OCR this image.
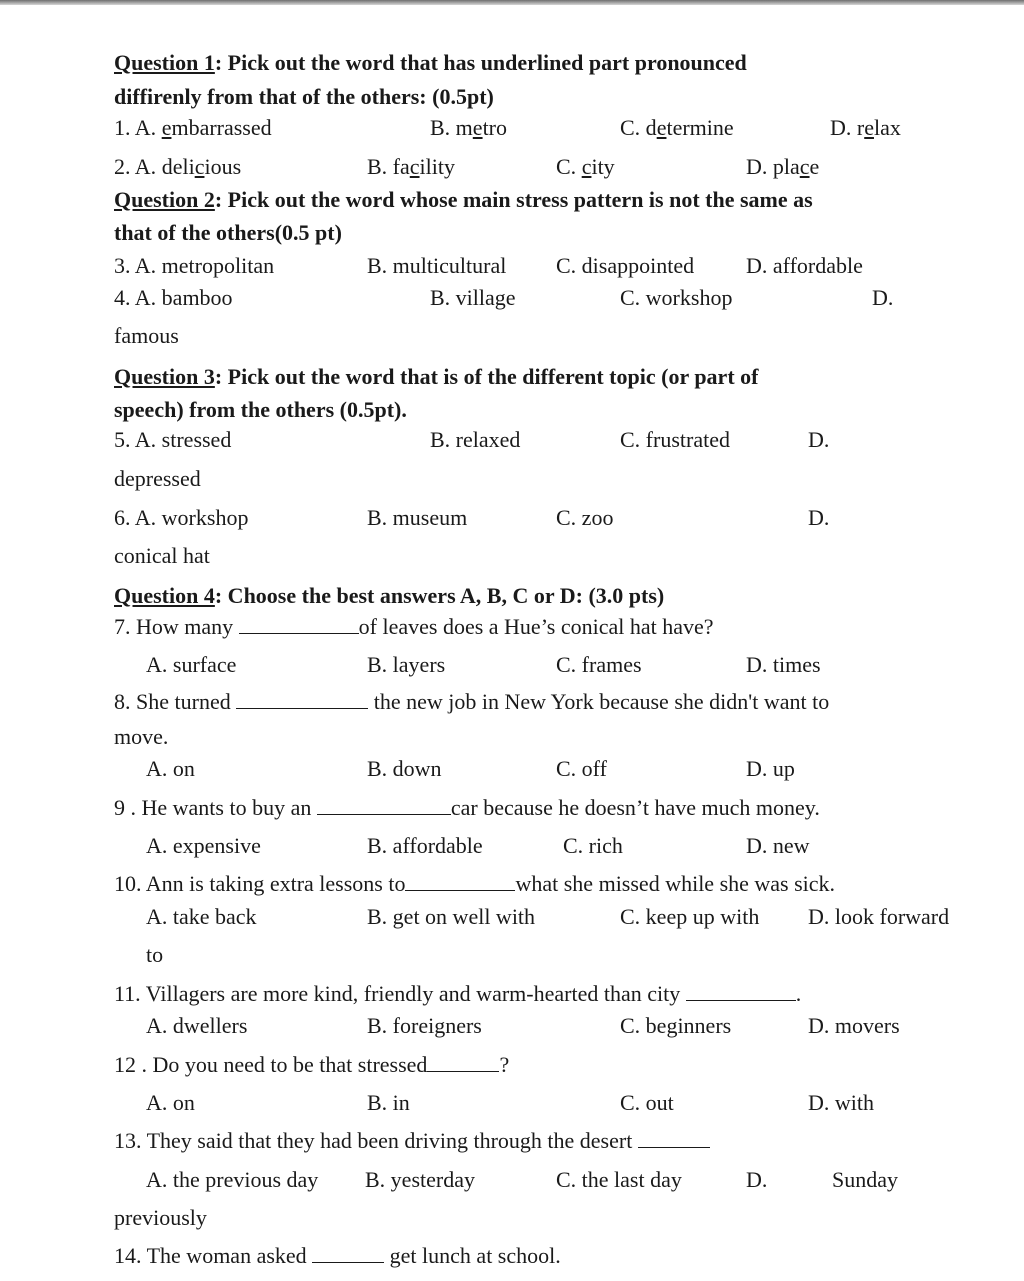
Question 1: Pick out the word that has underlined part pronounced
diffirenly from that of the others: (0.5pt)
1. A. embarrassed	B. metro	C. determine	D. relax
2. A. delicious	B. facility	C. city	D. place
Question 2: Pick out the word whose main stress pattern is not the same as
that of the others(0.5 pt)
3. A. metropolitan	B. multicultural C. disappointed D. affordable
4. A. bamboo	B. village	C. workshop	D.
famous
Question 3: Pick out the word that is of the different topic (or part of
speech) from the others (0.5pt).
5. A. stressed	B. relaxed	C. frustrated	D.
depressed
6. A. workshop	B. museum	C. zoo	D.
conical hat
Question 4: Choose the best answers A, B, C or D: (3.0 pts)
7. How many	of leaves does a Hue’s conical hat have?
A. surface	B. layers	C. frames	D. times
8. She turned	the new job in New York because she didn't want to
move.
A. on	B. down	C. off	D. up
9 . He wants to buy an	car because he doesn’t have much money.
A. expensive	B. affordable	C. rich	D. new
10. Ann is taking extra lessons to	what she missed while she was sick.
A. take back	B. get on well with	C. keep up with D. look forward
to
11. Villagers are more kind, friendly and warm-hearted than city	.
A. dwellers	B. foreigners	C. beginners	D. movers
12 . Do you need to be that stressed	?
A. on	B. in	C. out	D. with
13. They said that they had been driving through the desert
A. the previous day B. yesterday	C. the last day	D.	Sunday
previously
14. The woman asked	get lunch at school.
